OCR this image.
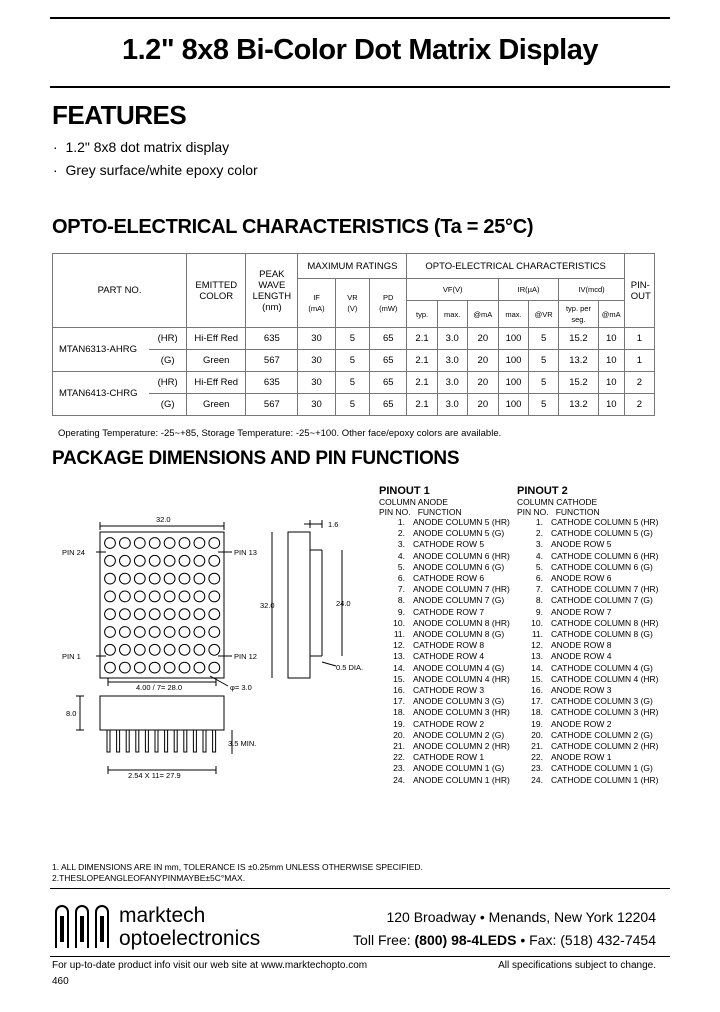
1.2" 8x8 Bi-Color Dot Matrix Display
FEATURES
· 1.2" 8x8 dot matrix display
· Grey surface/white epoxy color
OPTO-ELECTRICAL CHARACTERISTICS (Ta = 25°C)
PART NO.		EMITTED COLOR	PEAK WAVE LENGTH (nm)	MAXIMUM RATINGS			OPTO-ELECTRICAL CHARACTERISTICS							PIN- OUT
				IF (mA)	VR (V)	PD (mW)	VF(V)			IR(µA)		IV(mcd)		
							typ.	max.	@mA	max.	@VR	typ. per seg.	@mA	
MTAN6313-AHRG	(HR)	Hi-Eff Red	635	30	5	65	2.1	3.0	20	100	5	15.2	10	1
	(G)	Green	567	30	5	65	2.1	3.0	20	100	5	13.2	10	1
MTAN6413-CHRG	(HR)	Hi-Eff Red	635	30	5	65	2.1	3.0	20	100	5	15.2	10	2
	(G)	Green	567	30	5	65	2.1	3.0	20	100	5	13.2	10	2
Operating Temperature: -25~+85, Storage Temperature: -25~+100. Other face/epoxy colors are available.
PACKAGE DIMENSIONS AND PIN FUNCTIONS
32.0
PIN 24	PIN 13
PIN 1	PIN 12
4.00 / 7= 28.0	φ= 3.0
1.6
32.0	24.0
0.5 DIA.
8.0
3.5 MIN.
2.54 X 11= 27.9
PINOUT 1
COLUMN ANODE
PIN NO.   FUNCTION
1. ANODE COLUMN 5 (HR)
2. ANODE COLUMN 5 (G)
3. CATHODE ROW 5
4. ANODE COLUMN 6 (HR)
5. ANODE COLUMN 6 (G)
6. CATHODE ROW 6
7. ANODE COLUMN 7 (HR)
8. ANODE COLUMN 7 (G)
9. CATHODE ROW 7
10. ANODE COLUMN 8 (HR)
11. ANODE COLUMN 8 (G)
12. CATHODE ROW 8
13. CATHODE ROW 4
14. ANODE COLUMN 4 (G)
15. ANODE COLUMN 4 (HR)
16. CATHODE ROW 3
17. ANODE COLUMN 3 (G)
18. ANODE COLUMN 3 (HR)
19. CATHODE ROW 2
20. ANODE COLUMN 2 (G)
21. ANODE COLUMN 2 (HR)
22. CATHODE ROW 1
23. ANODE COLUMN 1 (G)
24. ANODE COLUMN 1 (HR)
PINOUT 2
COLUMN CATHODE
PIN NO.   FUNCTION
1. CATHODE COLUMN 5 (HR)
2. CATHODE COLUMN 5 (G)
3. ANODE ROW 5
4. CATHODE COLUMN 6 (HR)
5. CATHODE COLUMN 6 (G)
6. ANODE ROW 6
7. CATHODE COLUMN 7 (HR)
8. CATHODE COLUMN 7 (G)
9. ANODE ROW 7
10. CATHODE COLUMN 8 (HR)
11. CATHODE COLUMN 8 (G)
12. ANODE ROW 8
13. ANODE ROW 4
14. CATHODE COLUMN 4 (G)
15. CATHODE COLUMN 4 (HR)
16. ANODE ROW 3
17. CATHODE COLUMN 3 (G)
18. CATHODE COLUMN 3 (HR)
19. ANODE ROW 2
20. CATHODE COLUMN 2 (G)
21. CATHODE COLUMN 2 (HR)
22. ANODE ROW 1
23. CATHODE COLUMN 1 (G)
24. CATHODE COLUMN 1 (HR)
1. ALL DIMENSIONS ARE IN mm, TOLERANCE IS ±0.25mm UNLESS OTHERWISE SPECIFIED.
2.THESLOPEANGLEOFANYPINMAYBE±5C°MAX.
marktech
optoelectronics
120 Broadway • Menands, New York 12204
Toll Free: (800) 98-4LEDS • Fax: (518) 432-7454
For up-to-date product info visit our web site at www.marktechopto.com	All specifications subject to change.
460
